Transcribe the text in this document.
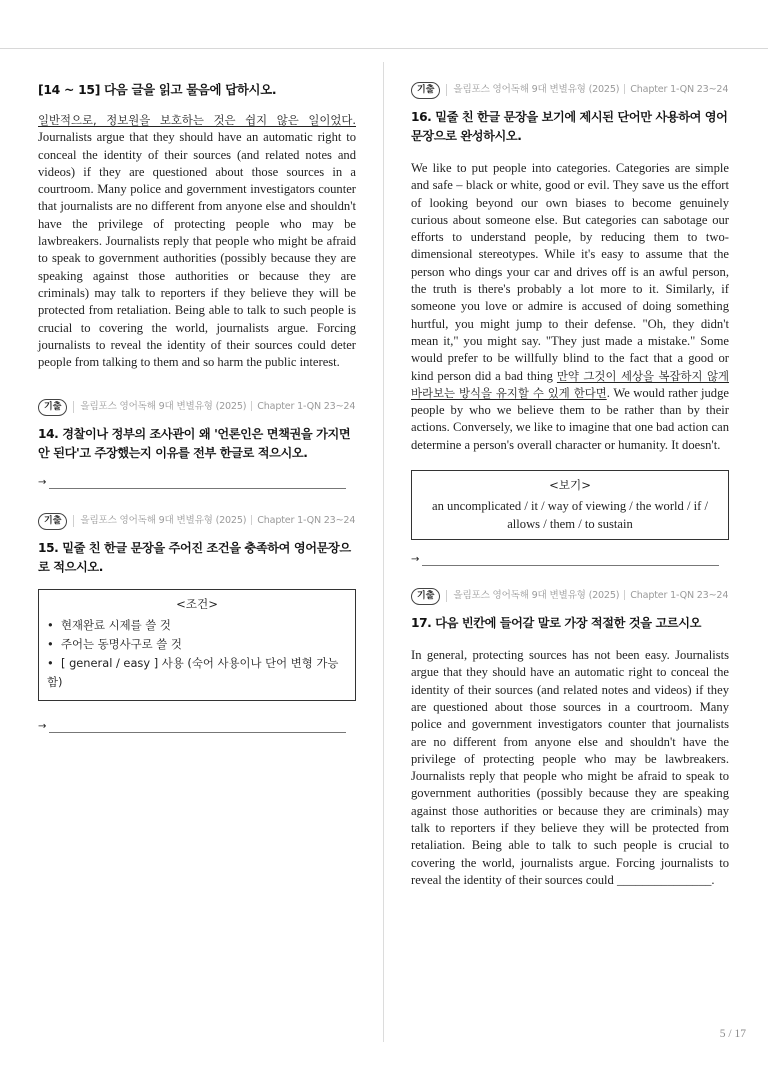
[14 ~ 15] 다음 글을 읽고 물음에 답하시오.

일반적으로, 정보원을 보호하는 것은 쉽지 않은 일이었다. Journalists argue that they should have an automatic right to conceal the identity of their sources (and related notes and videos) if they are questioned about those sources in a courtroom. Many police and government investigators counter that journalists are no different from anyone else and shouldn't have the privilege of protecting people who may be lawbreakers. Journalists reply that people who might be afraid to speak to government authorities (possibly because they are speaking against those authorities or because they are criminals) may talk to reporters if they believe they will be protected from retaliation. Being able to talk to such people is crucial to covering the world, journalists argue. Forcing journalists to reveal the identity of their sources could deter people from talking to them and so harm the public interest.

기출	올림포스 영어독해 9대 변별유형 (2025) Chapter 1-QN 23~24
14. 경찰이나 정부의 조사관이 왜 '언론인은 면책권을 가지면 안 된다'고 주장했는지 이유를 전부 한글로 적으시오.
→
기출	올림포스 영어독해 9대 변별유형 (2025) Chapter 1-QN 23~24
15. 밑줄 친 한글 문장을 주어진 조건을 충족하여 영어문장으로 적으시오.
<조건>
• 현재완료 시제를 쓸 것
• 주어는 동명사구로 쓸 것
• [ general / easy ] 사용 (숙어 사용이나 단어 변형 가능함)
→
기출	올림포스 영어독해 9대 변별유형 (2025) Chapter 1-QN 23~24
16. 밑줄 친 한글 문장을 보기에 제시된 단어만 사용하여 영어문장으로 완성하시오.

We like to put people into categories. Categories are simple and safe – black or white, good or evil. They save us the effort of looking beyond our own biases to become genuinely curious about someone else. But categories can sabotage our efforts to understand people, by reducing them to two-dimensional stereotypes. While it's easy to assume that the person who dings your car and drives off is an awful person, the truth is there's probably a lot more to it. Similarly, if someone you love or admire is accused of doing something hurtful, you might jump to their defense. "Oh, they didn't mean it," you might say. "They just made a mistake." Some would prefer to be willfully blind to the fact that a good or kind person did a bad thing 만약 그것이 세상을 복잡하지 않게 바라보는 방식을 유지할 수 있게 한다면. We would rather judge people by who we believe them to be rather than by their actions. Conversely, we like to imagine that one bad action can determine a person's overall character or humanity. It doesn't.

<보기>
an uncomplicated / it / way of viewing / the world / if / allows / them / to sustain
→
기출	올림포스 영어독해 9대 변별유형 (2025) Chapter 1-QN 23~24
17. 다음 빈칸에 들어갈 말로 가장 적절한 것을 고르시오

In general, protecting sources has not been easy. Journalists argue that they should have an automatic right to conceal the identity of their sources (and related notes and videos) if they are questioned about those sources in a courtroom. Many police and government investigators counter that journalists are no different from anyone else and shouldn't have the privilege of protecting people who may be lawbreakers. Journalists reply that people who might be afraid to speak to government authorities (possibly because they are speaking against those authorities or because they are criminals) may talk to reporters if they believe they will be protected from retaliation. Being able to talk to such people is crucial to covering the world, journalists argue. Forcing journalists to reveal the identity of their sources could _______________.

5 / 17
